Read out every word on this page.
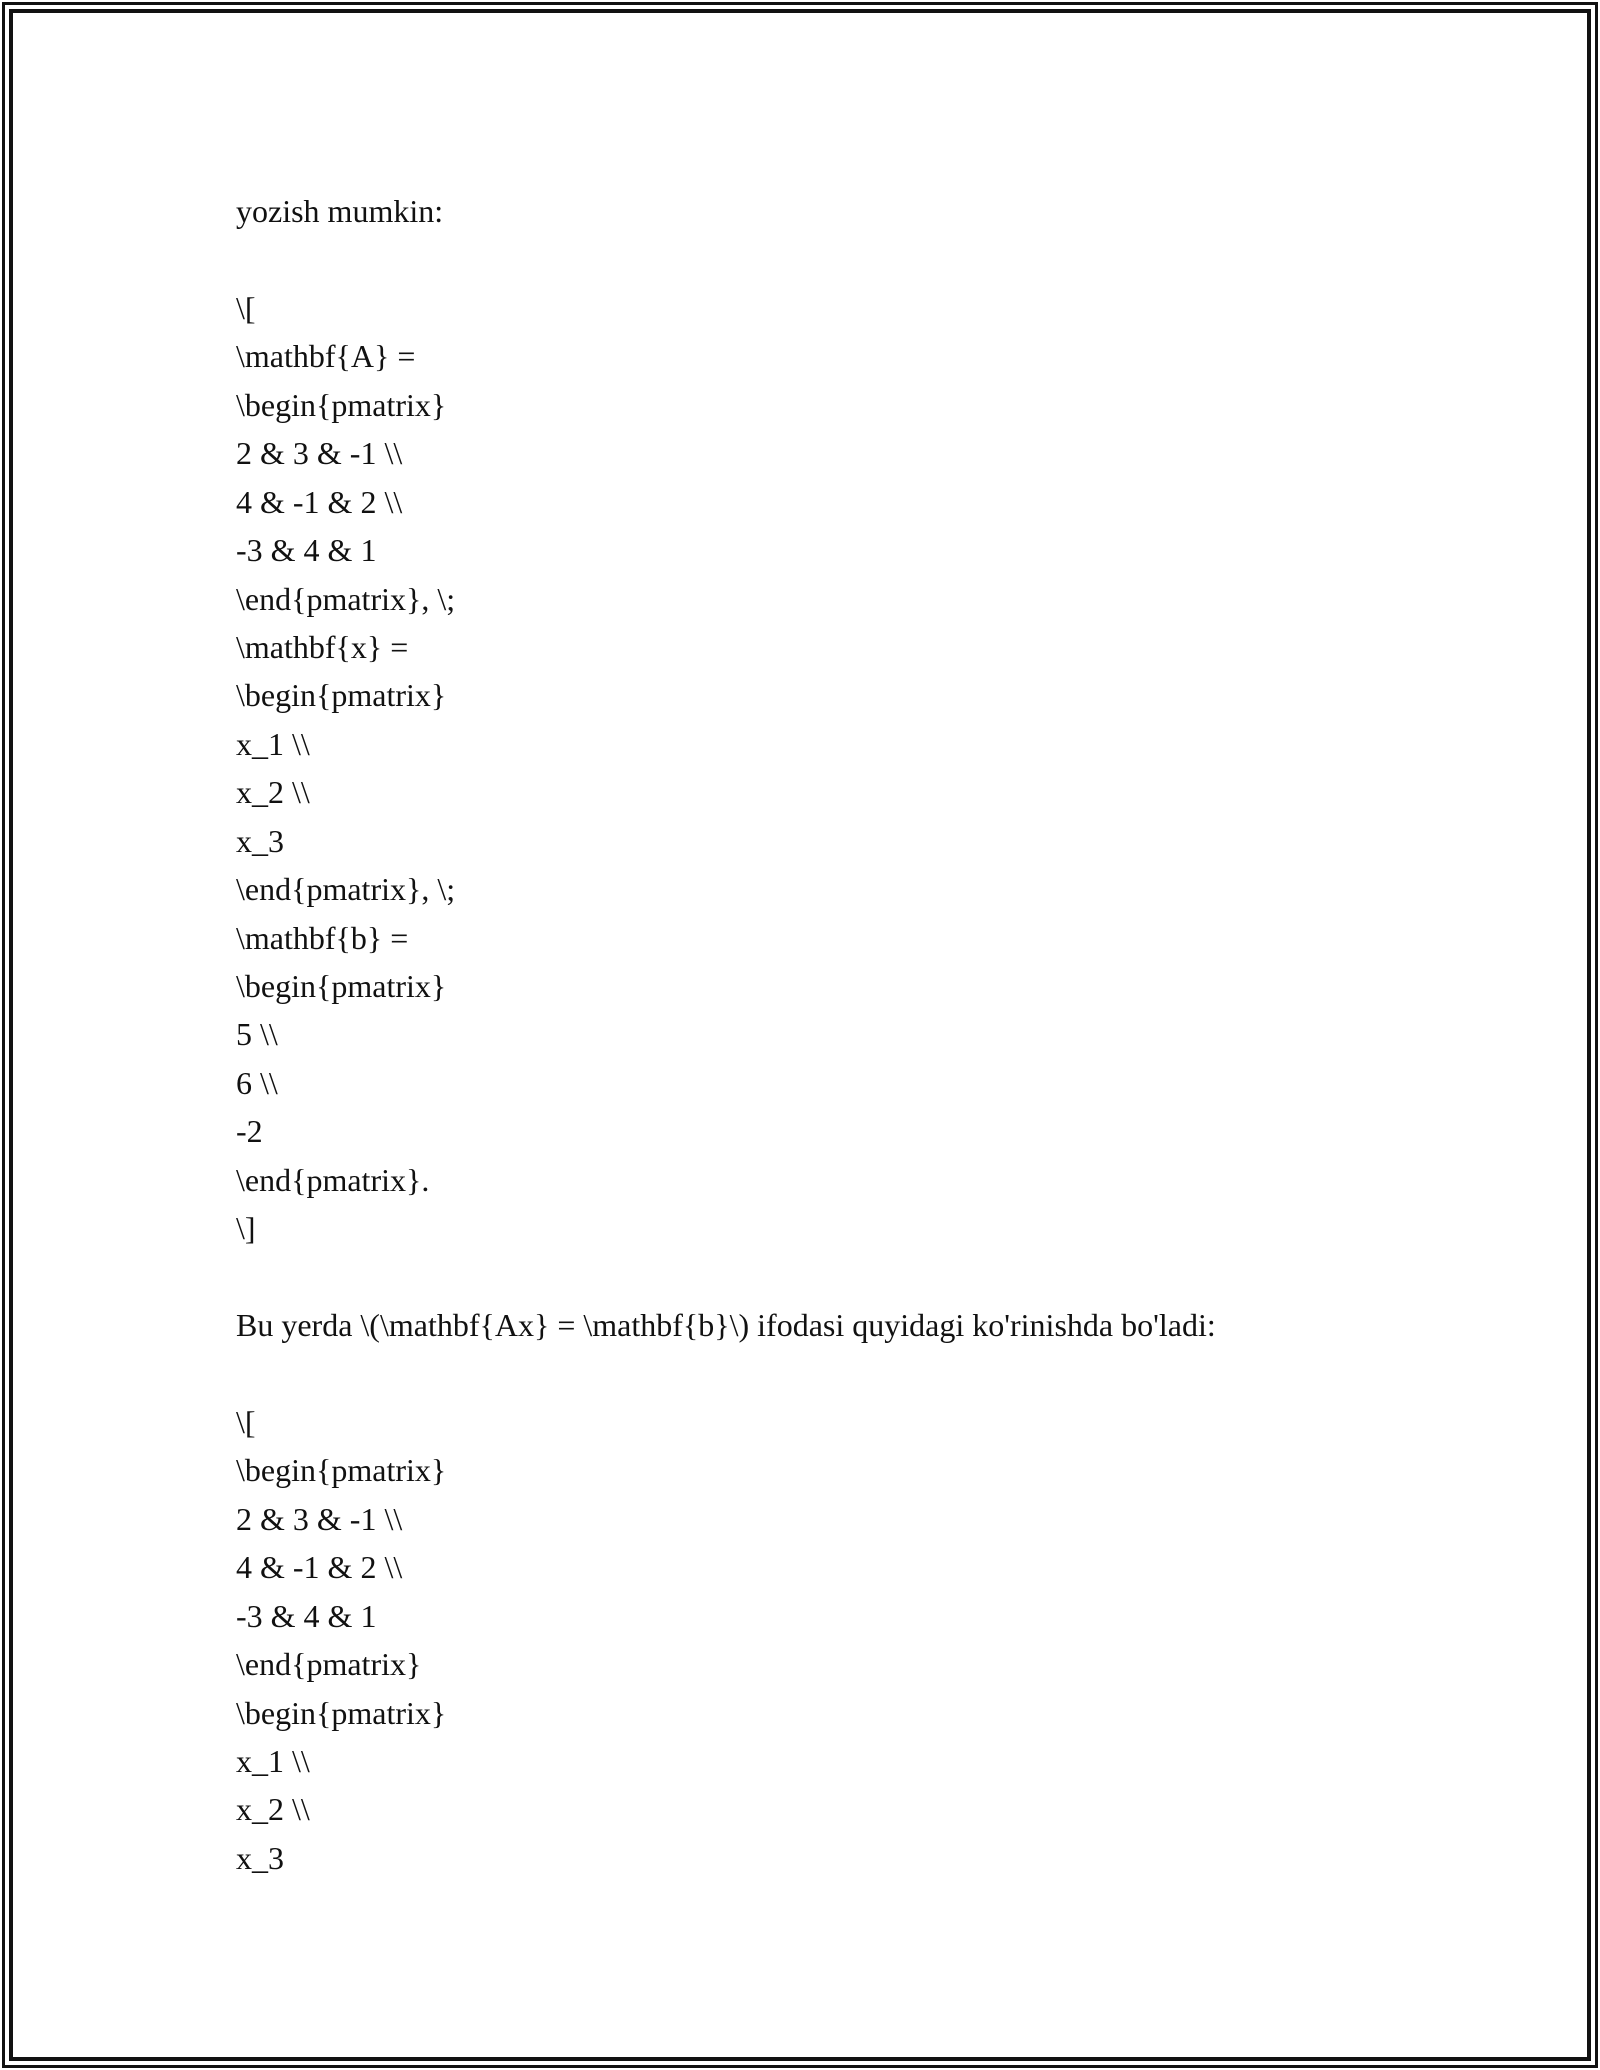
yozish mumkin:
\[
\mathbf{A} =
\begin{pmatrix}
2 & 3 & -1 \\
4 & -1 & 2 \\
-3 & 4 & 1
\end{pmatrix}, \;
\mathbf{x} =
\begin{pmatrix}
x_1 \\
x_2 \\
x_3
\end{pmatrix}, \;
\mathbf{b} =
\begin{pmatrix}
5 \\
6 \\
-2
\end{pmatrix}.
\]
Bu yerda \(\mathbf{Ax} = \mathbf{b}\) ifodasi quyidagi ko'rinishda bo'ladi:
\[
\begin{pmatrix}
2 & 3 & -1 \\
4 & -1 & 2 \\
-3 & 4 & 1
\end{pmatrix}
\begin{pmatrix}
x_1 \\
x_2 \\
x_3
